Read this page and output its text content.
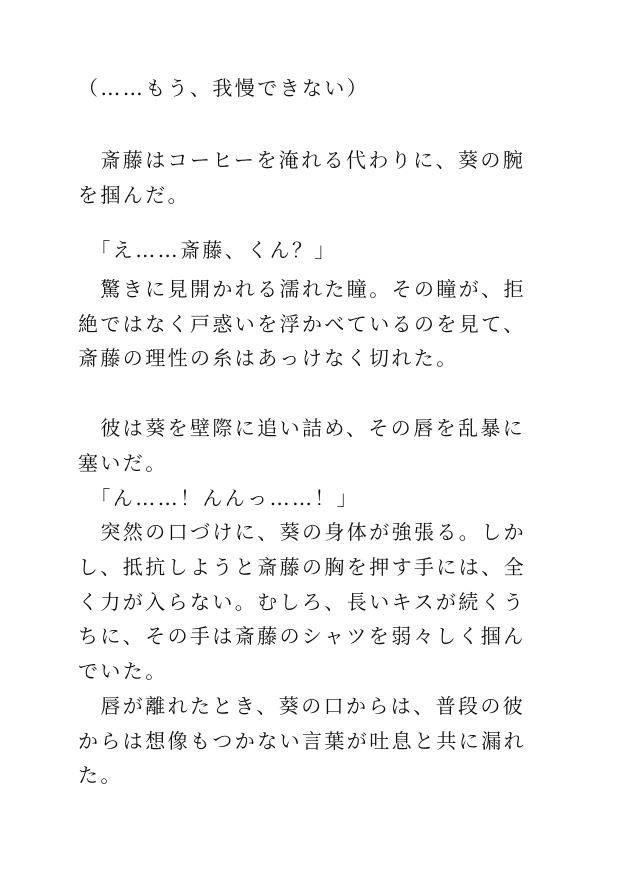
（……もう、我慢できない）

　斎藤はコーヒーを淹れる代わりに、葵の腕

を掴んだ。

　「え……斎藤、くん？」

　驚きに見開かれる濡れた瞳。その瞳が、拒

絶ではなく戸惑いを浮かべているのを見て、

斎藤の理性の糸はあっけなく切れた。

　彼は葵を壁際に追い詰め、その唇を乱暴に

塞いだ。

　「ん……！んんっ……！」

　突然の口づけに、葵の身体が強張る。しか

し、抵抗しようと斎藤の胸を押す手には、全

く力が入らない。むしろ、長いキスが続くう

ちに、その手は斎藤のシャツを弱々しく掴ん

でいた。

　唇が離れたとき、葵の口からは、普段の彼

からは想像もつかない言葉が吐息と共に漏れ

た。
